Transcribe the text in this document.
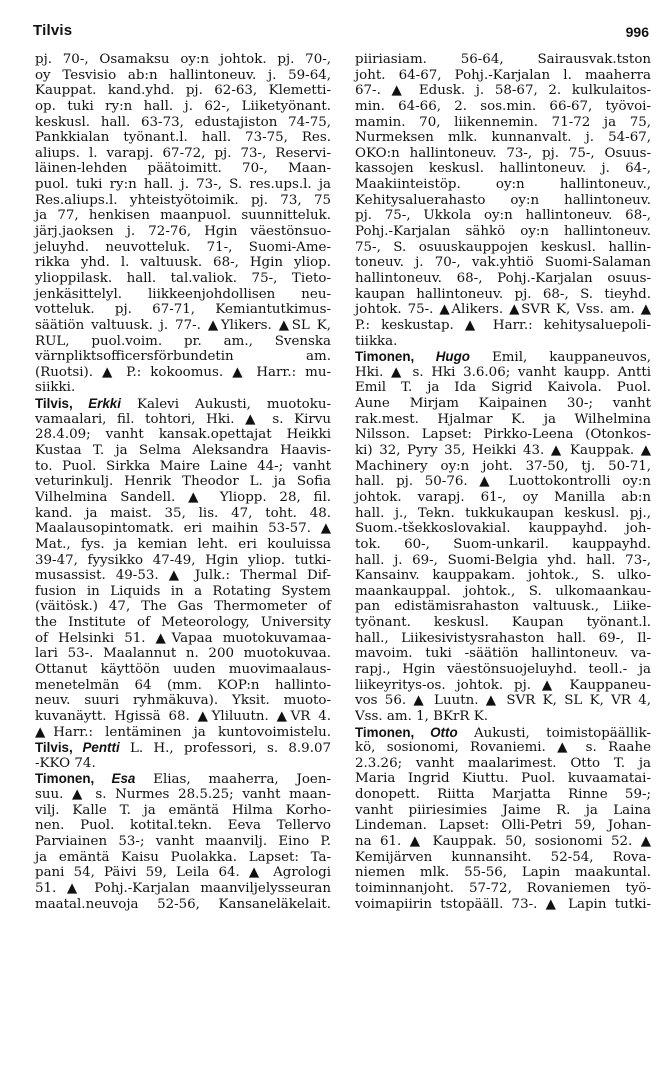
Tilvis	996
pj. 70-, Osamaksu oy:n johtok. pj. 70-,
oy Tesvisio ab:n hallintoneuv. j. 59-64,
Kauppat. kand.yhd. pj. 62-63, Klemetti-
op. tuki ry:n hall. j. 62-, Liiketyönant.
keskusl. hall. 63-73, edustajiston 74-75,
Pankkialan työnant.l. hall. 73-75, Res.
aliups. l. varapj. 67-72, pj. 73-, Reservi-
läinen-lehden päätoimitt. 70-, Maan-
puol. tuki ry:n hall. j. 73-, S. res.ups.l. ja
Res.aliups.l. yhteistyötoimik. pj. 73, 75
ja 77, henkisen maanpuol. suunnitteluk.
järj.jaoksen j. 72-76, Hgin väestönsuo-
jeluyhd. neuvotteluk. 71-, Suomi-Ame-
rikka yhd. l. valtuusk. 68-, Hgin yliop.
ylioppilask. hall. tal.valiok. 75-, Tieto-
jenkäsittelyl. liikkeenjohdollisen neu-
votteluk. pj. 67-71, Kemiantutkimus-
säätiön valtuusk. j. 77-. ▲Ylikers. ▲SL K,
RUL, puol.voim. pr. am., Svenska
värnpliktsofficersförbundetin am.
(Ruotsi). ▲ P.: kokoomus. ▲ Harr.: mu-
siikki.
Tilvis, Erkki Kalevi Aukusti, muotoku-
vamaalari, fil. tohtori, Hki. ▲ s. Kirvu
28.4.09; vanht kansak.opettajat Heikki
Kustaa T. ja Selma Aleksandra Haavis-
to. Puol. Sirkka Maire Laine 44-; vanht
veturinkulj. Henrik Theodor L. ja Sofia
Vilhelmina Sandell. ▲ Yliopp. 28, fil.
kand. ja maist. 35, lis. 47, toht. 48.
Maalausopintomatk. eri maihin 53-57. ▲
Mat., fys. ja kemian leht. eri kouluissa
39-47, fyysikko 47-49, Hgin yliop. tutki-
musassist. 49-53. ▲ Julk.: Thermal Dif-
fusion in Liquids in a Rotating System
(väitösk.) 47, The Gas Thermometer of
the Institute of Meteorology, University
of Helsinki 51. ▲Vapaa muotokuvamaa-
lari 53-. Maalannut n. 200 muotokuvaa.
Ottanut käyttöön uuden muovimaalaus-
menetelmän 64 (mm. KOP:n hallinto-
neuv. suuri ryhmäkuva). Yksit. muoto-
kuvanäytt. Hgissä 68. ▲Yliluutn. ▲VR 4.
▲Harr.: lentäminen ja kuntovoimistelu.
Tilvis, Pentti L. H., professori, s. 8.9.07
-KKO 74.
Timonen, Esa Elias, maaherra, Joen-
suu. ▲ s. Nurmes 28.5.25; vanht maan-
vilj. Kalle T. ja emäntä Hilma Korho-
nen. Puol. kotital.tekn. Eeva Tellervo
Parviainen 53-; vanht maanvilj. Eino P.
ja emäntä Kaisu Puolakka. Lapset: Ta-
pani 54, Päivi 59, Leila 64. ▲ Agrologi
51. ▲ Pohj.-Karjalan maanviljelysseuran
maatal.neuvoja 52-56, Kansaneläkelait.
piiriasiam. 56-64, Sairausvak.tston
joht. 64-67, Pohj.-Karjalan l. maaherra
67-. ▲ Edusk. j. 58-67, 2. kulkulaitos-
min. 64-66, 2. sos.min. 66-67, työvoi-
mamin. 70, liikennemin. 71-72 ja 75,
Nurmeksen mlk. kunnanvalt. j. 54-67,
OKO:n hallintoneuv. 73-, pj. 75-, Osuus-
kassojen keskusl. hallintoneuv. j. 64-,
Maakiinteistöp. oy:n hallintoneuv.,
Kehitysaluerahasto oy:n hallintoneuv.
pj. 75-, Ukkola oy:n hallintoneuv. 68-,
Pohj.-Karjalan sähkö oy:n hallintoneuv.
75-, S. osuuskauppojen keskusl. hallin-
toneuv. j. 70-, vak.yhtiö Suomi-Salaman
hallintoneuv. 68-, Pohj.-Karjalan osuus-
kaupan hallintoneuv. pj. 68-, S. tieyhd.
johtok. 75-. ▲Alikers. ▲SVR K, Vss. am. ▲
P.: keskustap. ▲ Harr.: kehitysaluepoli-
tiikka.
Timonen, Hugo Emil, kauppaneuvos,
Hki. ▲ s. Hki 3.6.06; vanht kaupp. Antti
Emil T. ja Ida Sigrid Kaivola. Puol.
Aune Mirjam Kaipainen 30-; vanht
rak.mest. Hjalmar K. ja Wilhelmina
Nilsson. Lapset: Pirkko-Leena (Otonkos-
ki) 32, Pyry 35, Heikki 43. ▲ Kauppak. ▲
Machinery oy:n joht. 37-50, tj. 50-71,
hall. pj. 50-76. ▲ Luottokontrolli oy:n
johtok. varapj. 61-, oy Manilla ab:n
hall. j., Tekn. tukkukaupan keskusl. pj.,
Suom.-tšekkoslovakial. kauppayhd. joh-
tok. 60-, Suom-unkaril. kauppayhd.
hall. j. 69-, Suomi-Belgia yhd. hall. 73-,
Kansainv. kauppakam. johtok., S. ulko-
maankauppal. johtok., S. ulkomaankau-
pan edistämisrahaston valtuusk., Liike-
työnant. keskusl. Kaupan työnant.l.
hall., Liikesivistysrahaston hall. 69-, Il-
mavoim. tuki -säätiön hallintoneuv. va-
rapj., Hgin väestönsuojeluyhd. teoll.- ja
liikeyritys-os. johtok. pj. ▲ Kauppaneu-
vos 56. ▲ Luutn. ▲ SVR K, SL K, VR 4,
Vss. am. 1, BKrR K.
Timonen, Otto Aukusti, toimistopäällik-
kö, sosionomi, Rovaniemi. ▲ s. Raahe
2.3.26; vanht maalarimest. Otto T. ja
Maria Ingrid Kiuttu. Puol. kuvaamatai-
donopett. Riitta Marjatta Rinne 59-;
vanht piiriesimies Jaime R. ja Laina
Lindeman. Lapset: Olli-Petri 59, Johan-
na 61. ▲ Kauppak. 50, sosionomi 52. ▲
Kemijärven kunnansiht. 52-54, Rova-
niemen mlk. 55-56, Lapin maakuntal.
toiminnanjoht. 57-72, Rovaniemen työ-
voimapiirin tstopääll. 73-. ▲ Lapin tutki-
